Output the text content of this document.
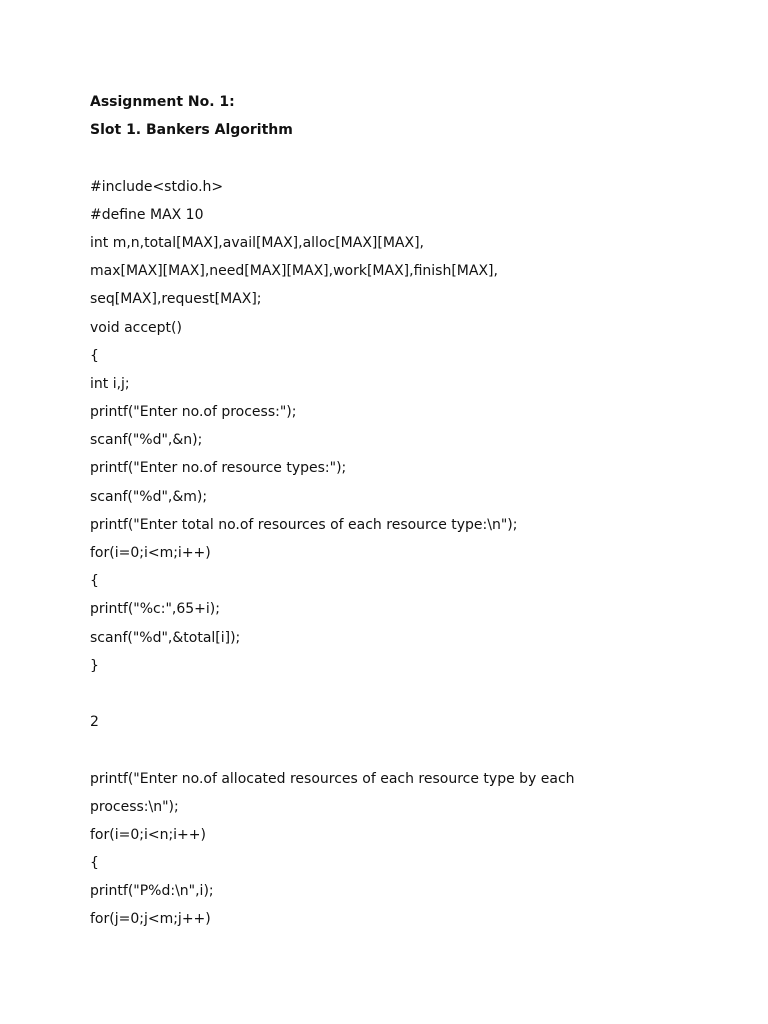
Assignment No. 1:

Slot 1. Bankers Algorithm

#include<stdio.h>

#define MAX 10

int m,n,total[MAX],avail[MAX],alloc[MAX][MAX],

max[MAX][MAX],need[MAX][MAX],work[MAX],finish[MAX],

seq[MAX],request[MAX];

void accept()

{

int i,j;

printf("Enter no.of process:");

scanf("%d",&n);

printf("Enter no.of resource types:");

scanf("%d",&m);

printf("Enter total no.of resources of each resource type:\n");

for(i=0;i<m;i++)

{

printf("%c:",65+i);

scanf("%d",&total[i]);

}

2

printf("Enter no.of allocated resources of each resource type by each

process:\n");

for(i=0;i<n;i++)

{

printf("P%d:\n",i);

for(j=0;j<m;j++)
